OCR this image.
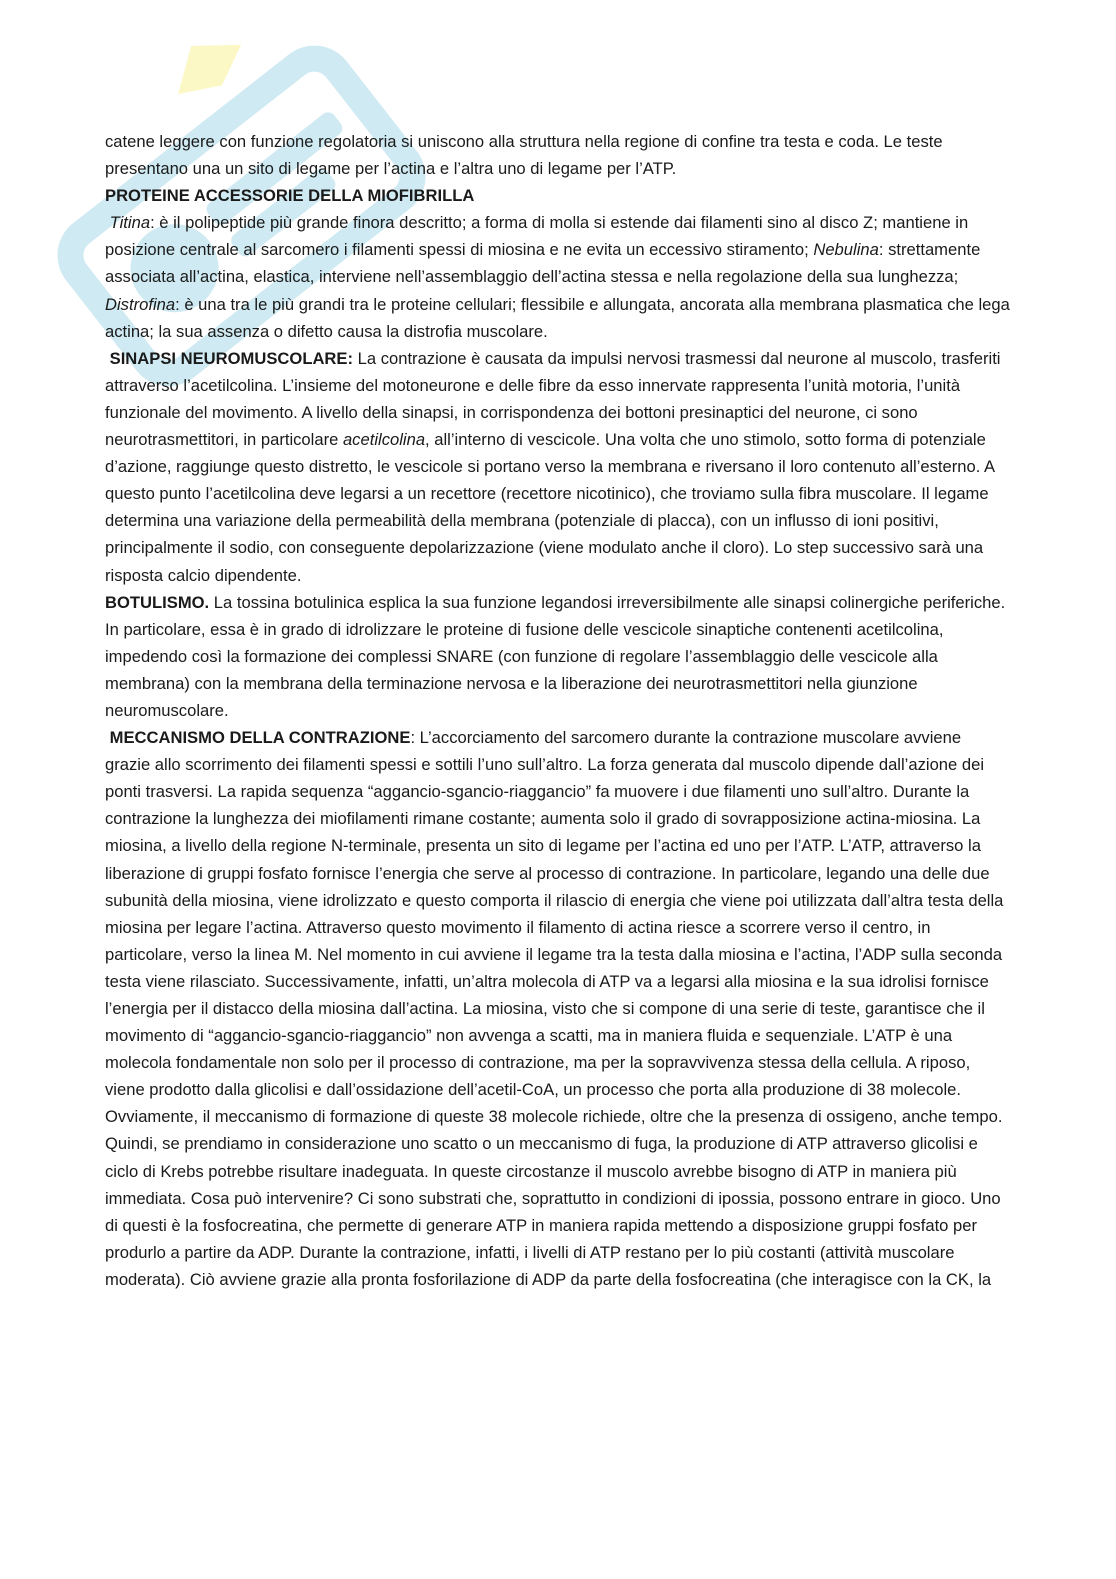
catene leggere con funzione regolatoria si uniscono alla struttura nella regione di confine tra testa e coda. Le teste presentano una un sito di legame per l’actina e l’altra uno di legame per l’ATP.

PROTEINE ACCESSORIE DELLA MIOFIBRILLA

Titina: è il polipeptide più grande finora descritto; a forma di molla si estende dai filamenti sino al disco Z; mantiene in posizione centrale al sarcomero i filamenti spessi di miosina e ne evita un eccessivo stiramento; Nebulina: strettamente associata all’actina, elastica, interviene nell’assemblaggio dell’actina stessa e nella regolazione della sua lunghezza; Distrofina: è una tra le più grandi tra le proteine cellulari; flessibile e allungata, ancorata alla membrana plasmatica che lega actina; la sua assenza o difetto causa la distrofia muscolare.

SINAPSI NEUROMUSCOLARE: La contrazione è causata da impulsi nervosi trasmessi dal neurone al muscolo, trasferiti attraverso l’acetilcolina. L’insieme del motoneurone e delle fibre da esso innervate rappresenta l’unità motoria, l’unità funzionale del movimento. A livello della sinapsi, in corrispondenza dei bottoni presinaptici del neurone, ci sono neurotrasmettitori, in particolare acetilcolina, all’interno di vescicole. Una volta che uno stimolo, sotto forma di potenziale d’azione, raggiunge questo distretto, le vescicole si portano verso la membrana e riversano il loro contenuto all’esterno. A questo punto l’acetilcolina deve legarsi a un recettore (recettore nicotinico), che troviamo sulla fibra muscolare. Il legame determina una variazione della permeabilità della membrana (potenziale di placca), con un influsso di ioni positivi, principalmente il sodio, con conseguente depolarizzazione (viene modulato anche il cloro). Lo step successivo sarà una risposta calcio dipendente.

BOTULISMO. La tossina botulinica esplica la sua funzione legandosi irreversibilmente alle sinapsi colinergiche periferiche. In particolare, essa è in grado di idrolizzare le proteine di fusione delle vescicole sinaptiche contenenti acetilcolina, impedendo così la formazione dei complessi SNARE (con funzione di regolare l’assemblaggio delle vescicole alla membrana) con la membrana della terminazione nervosa e la liberazione dei neurotrasmettitori nella giunzione neuromuscolare.

MECCANISMO DELLA CONTRAZIONE: L’accorciamento del sarcomero durante la contrazione muscolare avviene grazie allo scorrimento dei filamenti spessi e sottili l’uno sull’altro. La forza generata dal muscolo dipende dall’azione dei ponti trasversi. La rapida sequenza “aggancio-sgancio-riaggancio” fa muovere i due filamenti uno sull’altro. Durante la contrazione la lunghezza dei miofilamenti rimane costante; aumenta solo il grado di sovrapposizione actina-miosina. La miosina, a livello della regione N-terminale, presenta un sito di legame per l’actina ed uno per l’ATP. L’ATP, attraverso la liberazione di gruppi fosfato fornisce l’energia che serve al processo di contrazione. In particolare, legando una delle due subunità della miosina, viene idrolizzato e questo comporta il rilascio di energia che viene poi utilizzata dall’altra testa della miosina per legare l’actina. Attraverso questo movimento il filamento di actina riesce a scorrere verso il centro, in particolare, verso la linea M. Nel momento in cui avviene il legame tra la testa dalla miosina e l’actina, l’ADP sulla seconda testa viene rilasciato. Successivamente, infatti, un’altra molecola di ATP va a legarsi alla miosina e la sua idrolisi fornisce l’energia per il distacco della miosina dall’actina. La miosina, visto che si compone di una serie di teste, garantisce che il movimento di “aggancio-sgancio-riaggancio” non avvenga a scatti, ma in maniera fluida e sequenziale. L’ATP è una molecola fondamentale non solo per il processo di contrazione, ma per la sopravvivenza stessa della cellula. A riposo, viene prodotto dalla glicolisi e dall’ossidazione dell’acetil-CoA, un processo che porta alla produzione di 38 molecole. Ovviamente, il meccanismo di formazione di queste 38 molecole richiede, oltre che la presenza di ossigeno, anche tempo. Quindi, se prendiamo in considerazione uno scatto o un meccanismo di fuga, la produzione di ATP attraverso glicolisi e ciclo di Krebs potrebbe risultare inadeguata. In queste circostanze il muscolo avrebbe bisogno di ATP in maniera più immediata. Cosa può intervenire? Ci sono substrati che, soprattutto in condizioni di ipossia, possono entrare in gioco. Uno di questi è la fosfocreatina, che permette di generare ATP in maniera rapida mettendo a disposizione gruppi fosfato per produrlo a partire da ADP. Durante la contrazione, infatti, i livelli di ATP restano per lo più costanti (attività muscolare moderata). Ciò avviene grazie alla pronta fosforilazione di ADP da parte della fosfocreatina (che interagisce con la CK, la
